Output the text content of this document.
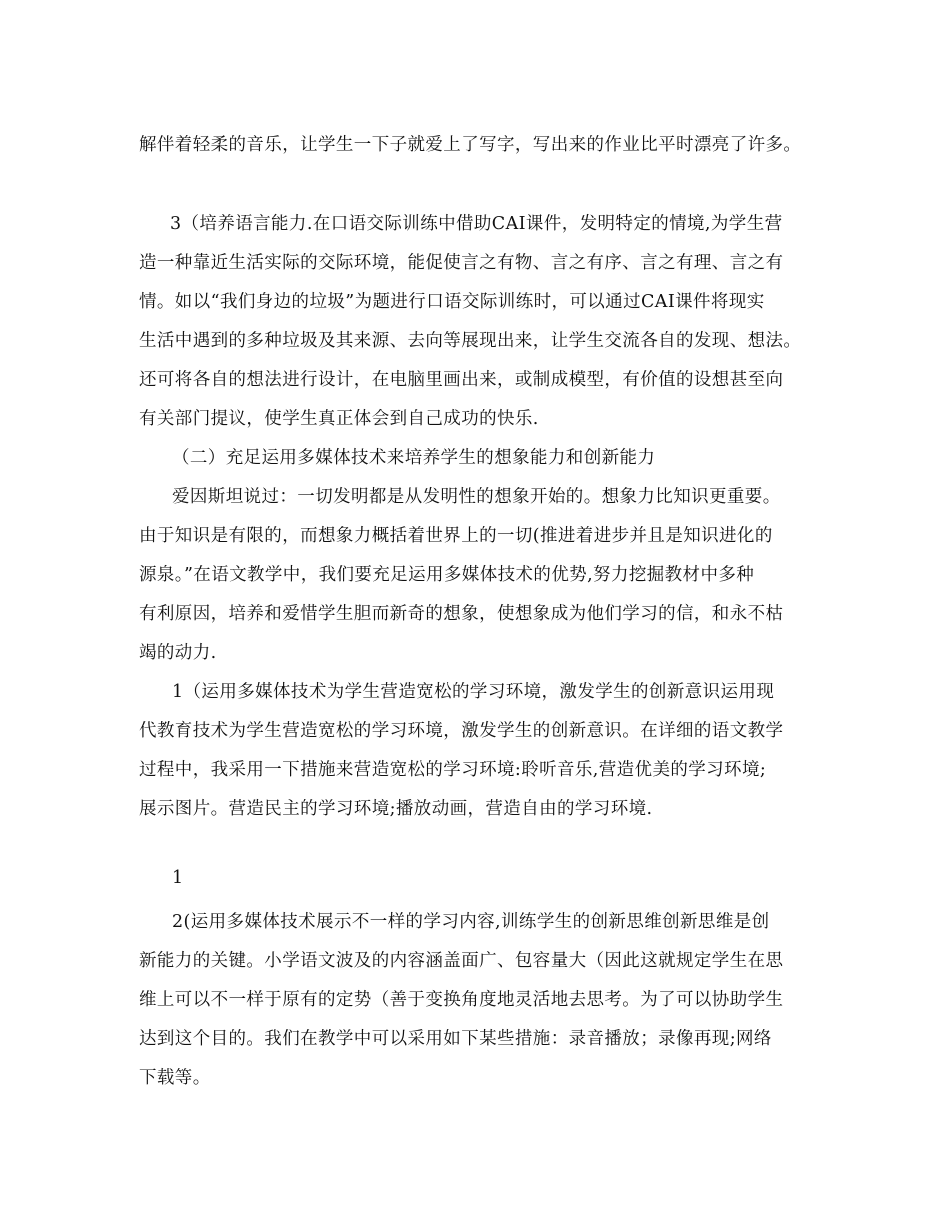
解伴着轻柔的音乐，让学生一下子就爱上了写字，写出来的作业比平时漂亮了许多。
3（培养语言能力.在口语交际训练中借助CAI课件，发明特定的情境,为学生营
造一种靠近生活实际的交际环境，能促使言之有物、言之有序、言之有理、言之有
情。如以“我们身边的垃圾”为题进行口语交际训练时，可以通过CAI课件将现实
生活中遇到的多种垃圾及其来源、去向等展现出来，让学生交流各自的发现、想法。
还可将各自的想法进行设计，在电脑里画出来，或制成模型，有价值的设想甚至向
有关部门提议，使学生真正体会到自己成功的快乐.
（二）充足运用多媒体技术来培养学生的想象能力和创新能力
爱因斯坦说过：一切发明都是从发明性的想象开始的。想象力比知识更重要。
由于知识是有限的，而想象力概括着世界上的一切(推进着进步并且是知识进化的
源泉。”在语文教学中，我们要充足运用多媒体技术的优势,努力挖掘教材中多种
有利原因，培养和爱惜学生胆而新奇的想象，使想象成为他们学习的信，和永不枯
竭的动力.
1（运用多媒体技术为学生营造宽松的学习环境，激发学生的创新意识运用现
代教育技术为学生营造宽松的学习环境，激发学生的创新意识。在详细的语文教学
过程中，我采用一下措施来营造宽松的学习环境:聆听音乐,营造优美的学习环境;
展示图片。营造民主的学习环境;播放动画，营造自由的学习环境.
1
2(运用多媒体技术展示不一样的学习内容,训练学生的创新思维创新思维是创
新能力的关键。小学语文波及的内容涵盖面广、包容量大（因此这就规定学生在思
维上可以不一样于原有的定势（善于变换角度地灵活地去思考。为了可以协助学生
达到这个目的。我们在教学中可以采用如下某些措施：录音播放；录像再现;网络
下载等。
